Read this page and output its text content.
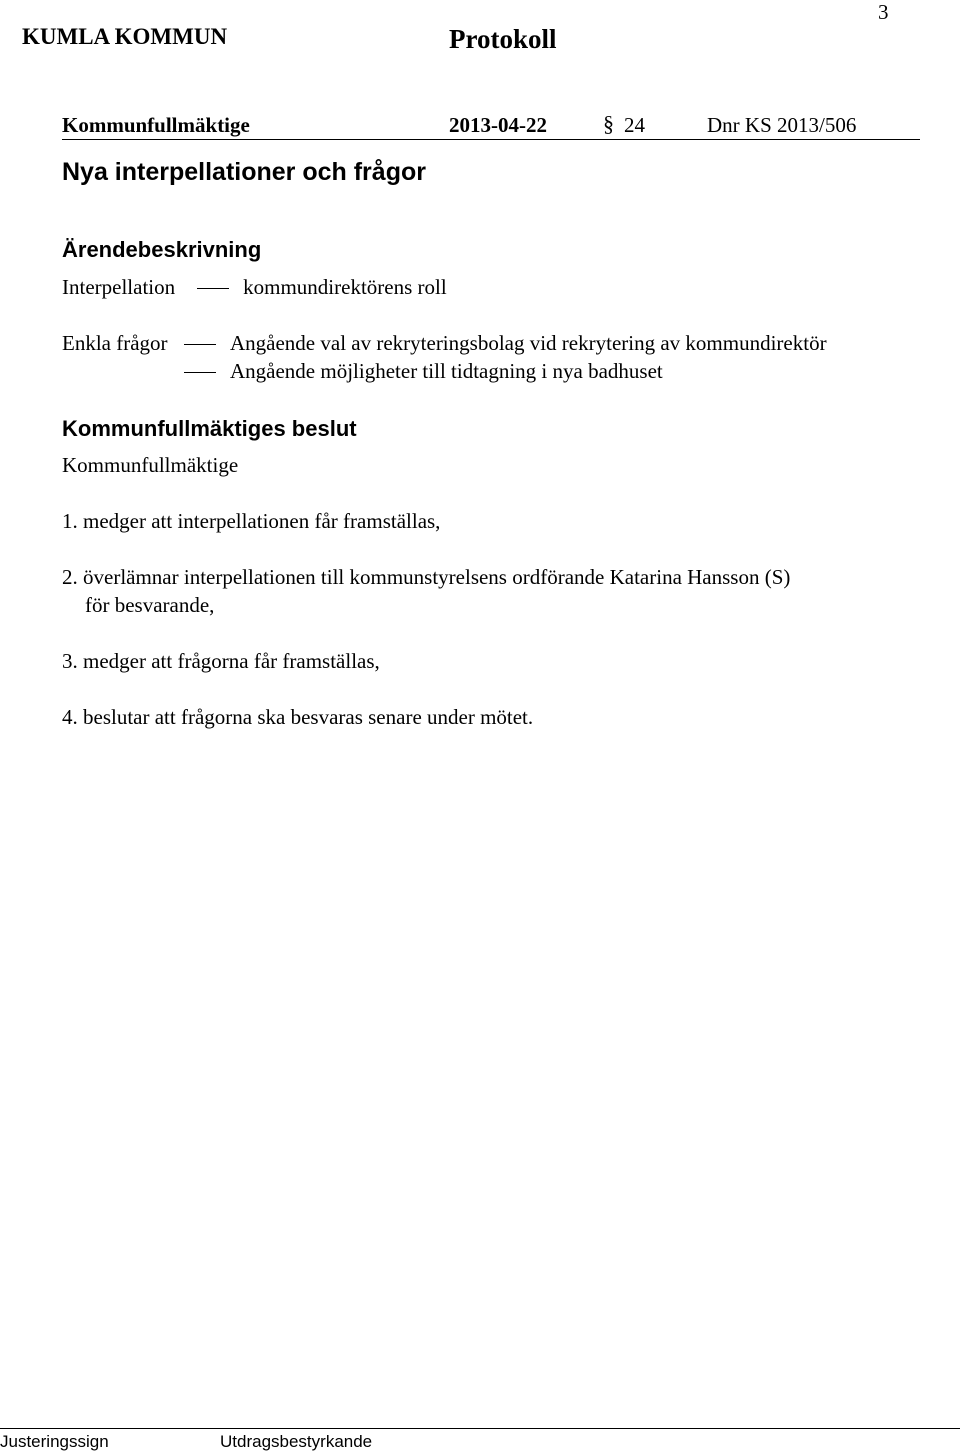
KUMLA KOMMUN	Protokoll
3
Kommunfullmäktige	2013-04-22	§ 24	Dnr KS 2013/506
Nya interpellationer och frågor
Ärendebeskrivning
Interpellation	kommundirektörens roll
Enkla frågor	Angående val av rekryteringsbolag vid rekrytering av kommundirektör
Angående möjligheter till tidtagning i nya badhuset
Kommunfullmäktiges beslut
Kommunfullmäktige
1. medger att interpellationen får framställas,
2. överlämnar interpellationen till kommunstyrelsens ordförande Katarina Hansson (S)
för besvarande,
3. medger att frågorna får framställas,
4. beslutar att frågorna ska besvaras senare under mötet.
Justeringssign	Utdragsbestyrkande
